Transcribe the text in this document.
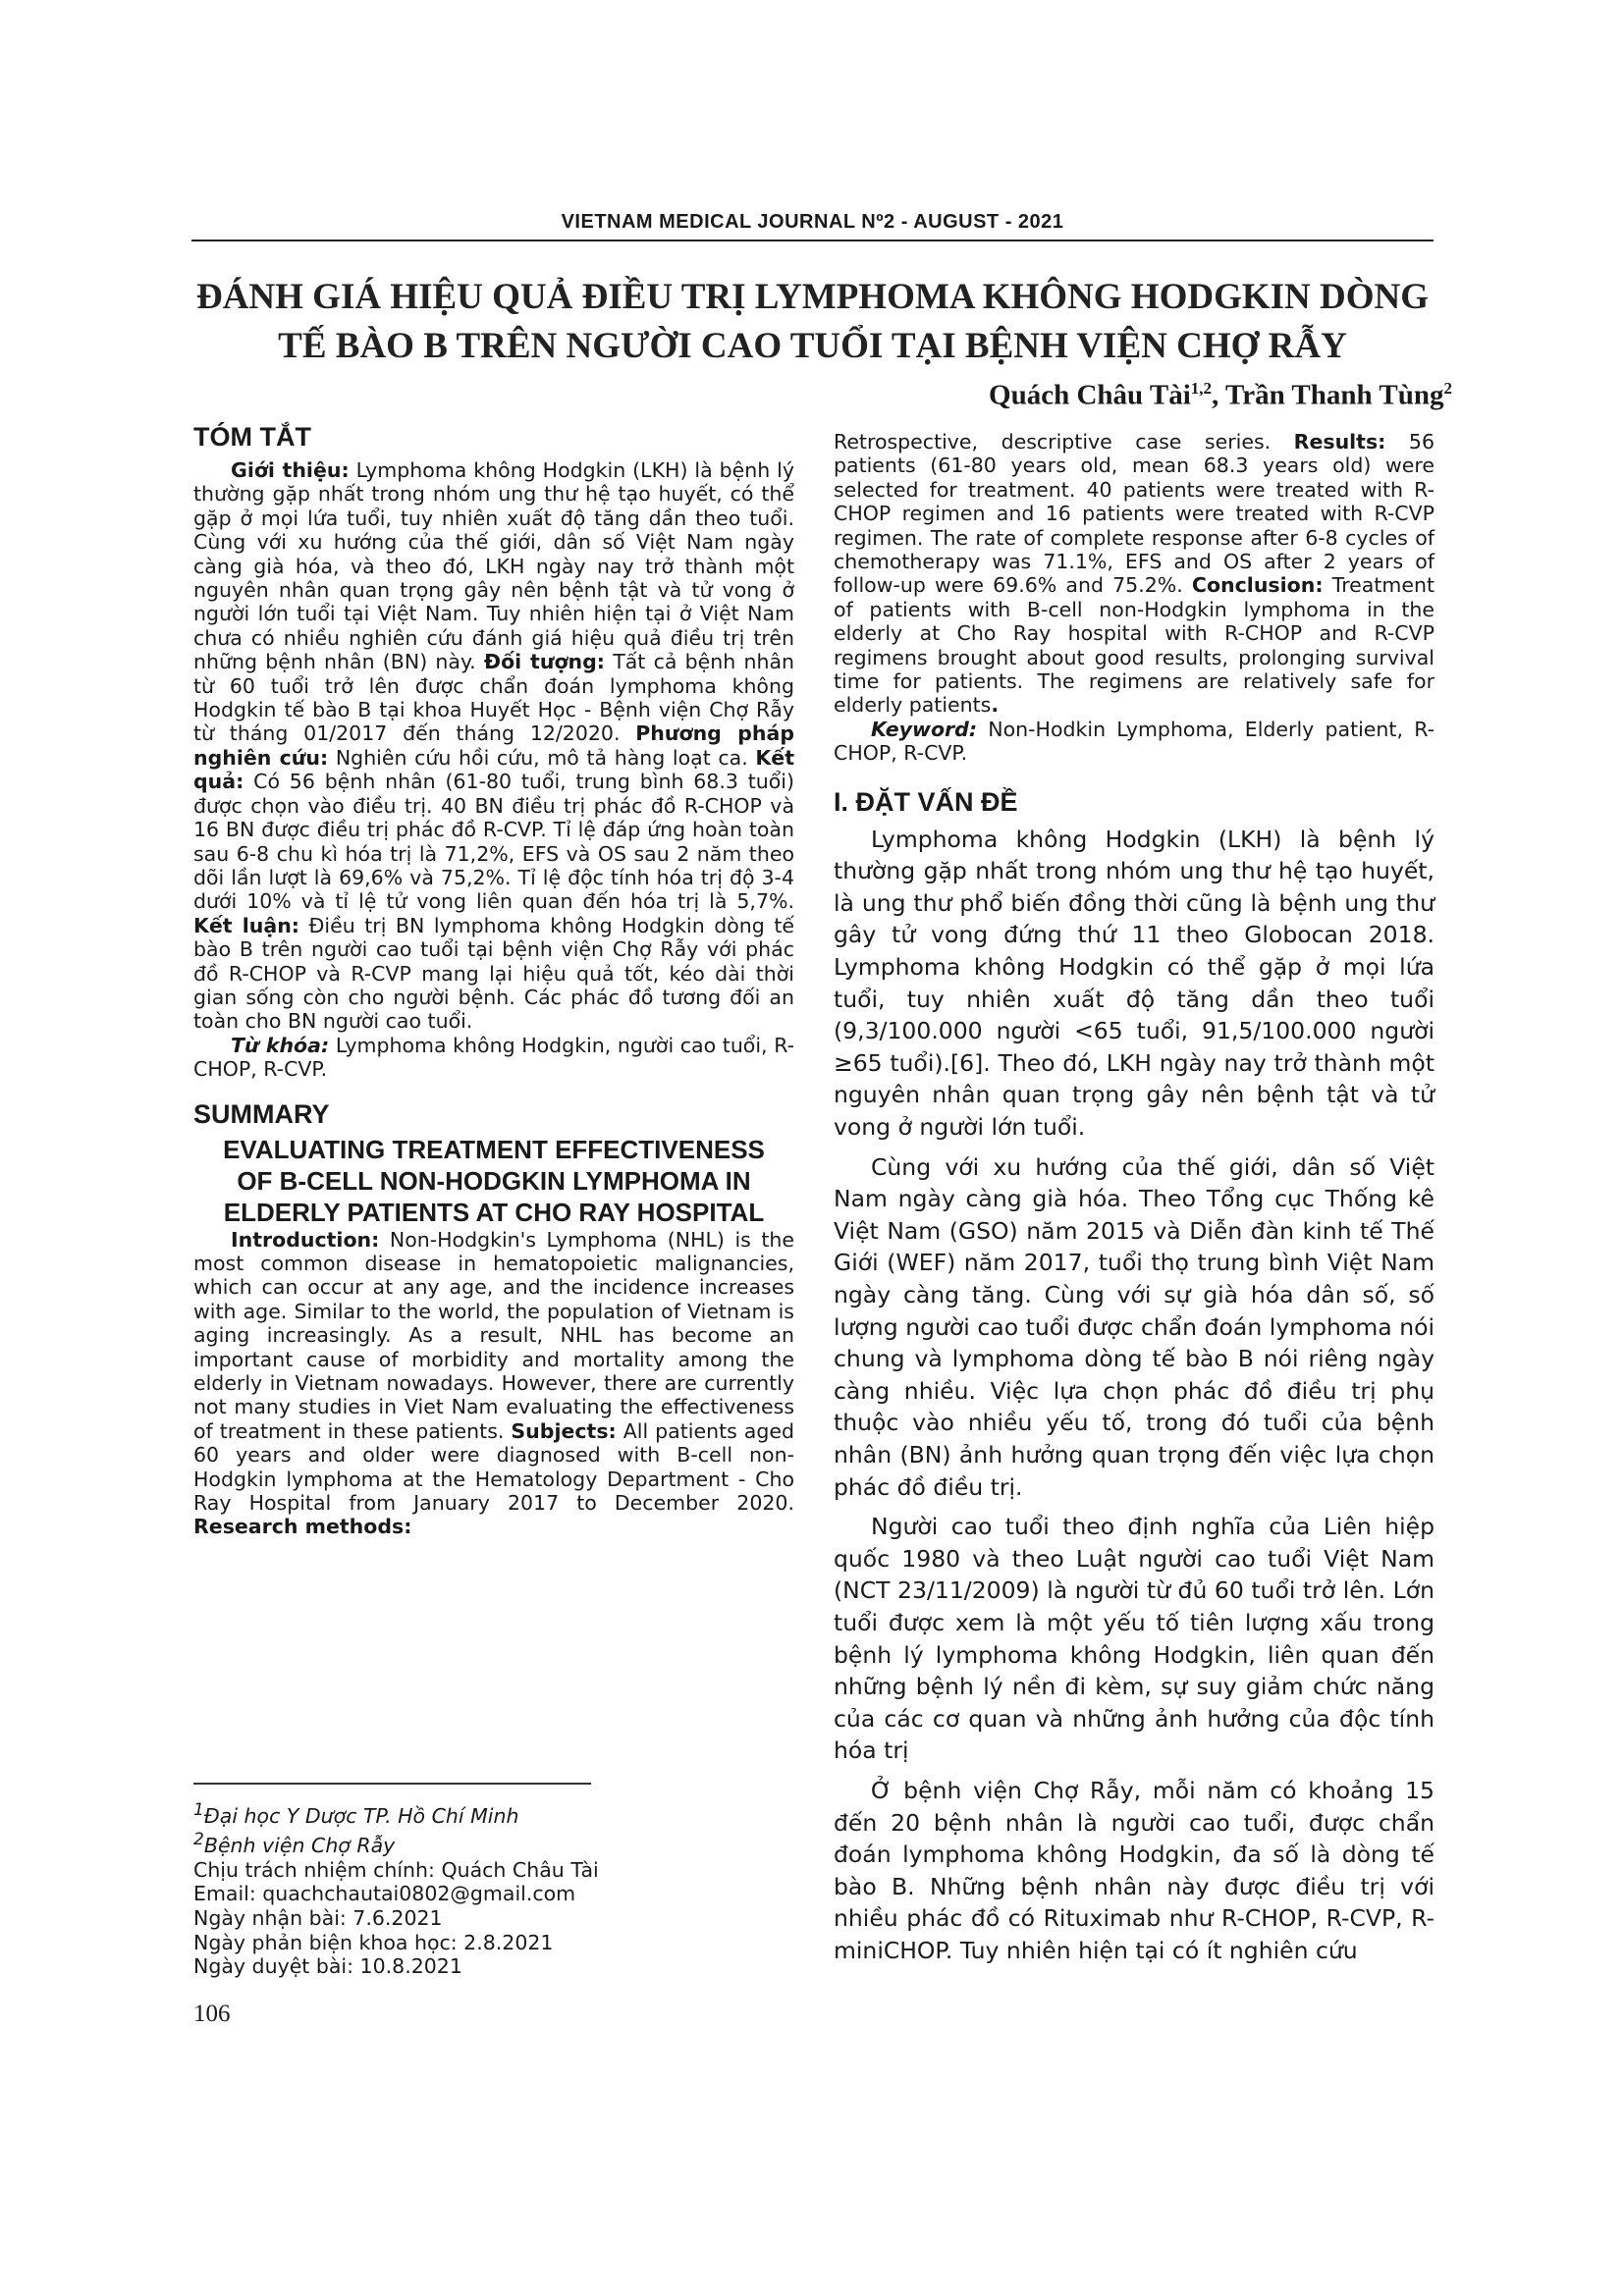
VIETNAM MEDICAL JOURNAL Nº2 - AUGUST - 2021
ĐÁNH GIÁ HIỆU QUẢ ĐIỀU TRỊ LYMPHOMA KHÔNG HODGKIN DÒNG
TẾ BÀO B TRÊN NGƯỜI CAO TUỔI TẠI BỆNH VIỆN CHỢ RẪY
Quách Châu Tài$^{1,2}$, Trần Thanh Tùng$^2$

TÓM TẮT

Giới thiệu: Lymphoma không Hodgkin (LKH) là bệnh lý thường gặp nhất trong nhóm ung thư hệ tạo huyết, có thể gặp ở mọi lứa tuổi, tuy nhiên xuất độ tăng dần theo tuổi. Cùng với xu hướng của thế giới, dân số Việt Nam ngày càng già hóa, và theo đó, LKH ngày nay trở thành một nguyên nhân quan trọng gây nên bệnh tật và tử vong ở người lớn tuổi tại Việt Nam. Tuy nhiên hiện tại ở Việt Nam chưa có nhiều nghiên cứu đánh giá hiệu quả điều trị trên những bệnh nhân (BN) này. Đối tượng: Tất cả bệnh nhân từ 60 tuổi trở lên được chẩn đoán lymphoma không Hodgkin tế bào B tại khoa Huyết Học - Bệnh viện Chợ Rẫy từ tháng 01/2017 đến tháng 12/2020. Phương pháp nghiên cứu: Nghiên cứu hồi cứu, mô tả hàng loạt ca. Kết quả: Có 56 bệnh nhân (61-80 tuổi, trung bình 68.3 tuổi) được chọn vào điều trị. 40 BN điều trị phác đồ R-CHOP và 16 BN được điều trị phác đồ R-CVP. Tỉ lệ đáp ứng hoàn toàn sau 6-8 chu kì hóa trị là 71,2%, EFS và OS sau 2 năm theo dõi lần lượt là 69,6% và 75,2%. Tỉ lệ độc tính hóa trị độ 3-4 dưới 10% và tỉ lệ tử vong liên quan đến hóa trị là 5,7%. Kết luận: Điều trị BN lymphoma không Hodgkin dòng tế bào B trên người cao tuổi tại bệnh viện Chợ Rẫy với phác đồ R-CHOP và R-CVP mang lại hiệu quả tốt, kéo dài thời gian sống còn cho người bệnh. Các phác đồ tương đối an toàn cho BN người cao tuổi.

Từ khóa: Lymphoma không Hodgkin, người cao tuổi, R-CHOP, R-CVP.

SUMMARY

EVALUATING TREATMENT EFFECTIVENESS
OF B-CELL NON-HODGKIN LYMPHOMA IN
ELDERLY PATIENTS AT CHO RAY HOSPITAL

Introduction: Non-Hodgkin's Lymphoma (NHL) is the most common disease in hematopoietic malignancies, which can occur at any age, and the incidence increases with age. Similar to the world, the population of Vietnam is aging increasingly. As a result, NHL has become an important cause of morbidity and mortality among the elderly in Vietnam nowadays. However, there are currently not many studies in Viet Nam evaluating the effectiveness of treatment in these patients. Subjects: All patients aged 60 years and older were diagnosed with B-cell non-Hodgkin lymphoma at the Hematology Department - Cho Ray Hospital from January 2017 to December 2020. Research methods:

$^1$Đại học Y Dược TP. Hồ Chí Minh

$^2$Bệnh viện Chợ Rẫy

Chịu trách nhiệm chính: Quách Châu Tài

Email: quachchautai0802@gmail.com

Ngày nhận bài: 7.6.2021

Ngày phản biện khoa học: 2.8.2021

Ngày duyệt bài: 10.8.2021

106

Retrospective, descriptive case series. Results: 56 patients (61-80 years old, mean 68.3 years old) were selected for treatment. 40 patients were treated with R-CHOP regimen and 16 patients were treated with R-CVP regimen. The rate of complete response after 6-8 cycles of chemotherapy was 71.1%, EFS and OS after 2 years of follow-up were 69.6% and 75.2%. Conclusion: Treatment of patients with B-cell non-Hodgkin lymphoma in the elderly at Cho Ray hospital with R-CHOP and R-CVP regimens brought about good results, prolonging survival time for patients. The regimens are relatively safe for elderly patients.

Keyword: Non-Hodkin Lymphoma, Elderly patient, R-CHOP, R-CVP.

I. ĐẶT VẤN ĐỀ

Lymphoma không Hodgkin (LKH) là bệnh lý thường gặp nhất trong nhóm ung thư hệ tạo huyết, là ung thư phổ biến đồng thời cũng là bệnh ung thư gây tử vong đứng thứ 11 theo Globocan 2018. Lymphoma không Hodgkin có thể gặp ở mọi lứa tuổi, tuy nhiên xuất độ tăng dần theo tuổi (9,3/100.000 người <65 tuổi, 91,5/100.000 người ≥65 tuổi).[6]. Theo đó, LKH ngày nay trở thành một nguyên nhân quan trọng gây nên bệnh tật và tử vong ở người lớn tuổi.

Cùng với xu hướng của thế giới, dân số Việt Nam ngày càng già hóa. Theo Tổng cục Thống kê Việt Nam (GSO) năm 2015 và Diễn đàn kinh tế Thế Giới (WEF) năm 2017, tuổi thọ trung bình Việt Nam ngày càng tăng. Cùng với sự già hóa dân số, số lượng người cao tuổi được chẩn đoán lymphoma nói chung và lymphoma dòng tế bào B nói riêng ngày càng nhiều. Việc lựa chọn phác đồ điều trị phụ thuộc vào nhiều yếu tố, trong đó tuổi của bệnh nhân (BN) ảnh hưởng quan trọng đến việc lựa chọn phác đồ điều trị.

Người cao tuổi theo định nghĩa của Liên hiệp quốc 1980 và theo Luật người cao tuổi Việt Nam (NCT 23/11/2009) là người từ đủ 60 tuổi trở lên. Lớn tuổi được xem là một yếu tố tiên lượng xấu trong bệnh lý lymphoma không Hodgkin, liên quan đến những bệnh lý nền đi kèm, sự suy giảm chức năng của các cơ quan và những ảnh hưởng của độc tính hóa trị

Ở bệnh viện Chợ Rẫy, mỗi năm có khoảng 15 đến 20 bệnh nhân là người cao tuổi, được chẩn đoán lymphoma không Hodgkin, đa số là dòng tế bào B. Những bệnh nhân này được điều trị với nhiều phác đồ có Rituximab như R-CHOP, R-CVP, R-miniCHOP. Tuy nhiên hiện tại có ít nghiên cứu
